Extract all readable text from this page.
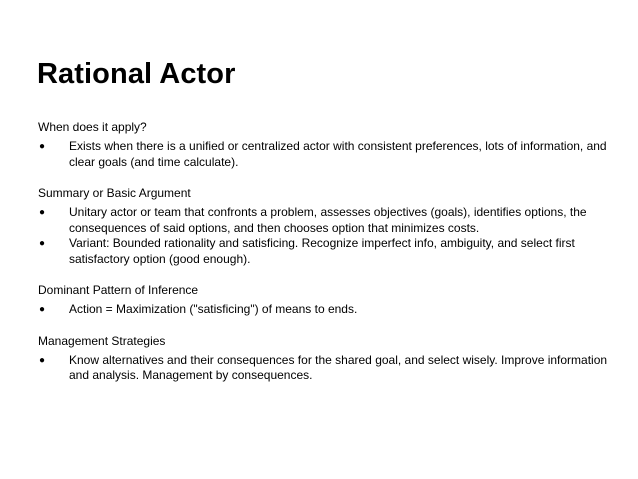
Rational Actor
When does it apply?
● Exists when there is a unified or centralized actor with consistent preferences, lots of information, and clear goals (and time calculate).
Summary or Basic Argument
● Unitary actor or team that confronts a problem, assesses objectives (goals), identifies options, the consequences of said options, and then chooses option that minimizes costs.
● Variant: Bounded rationality and satisficing. Recognize imperfect info, ambiguity, and select first satisfactory option (good enough).
Dominant Pattern of Inference
● Action = Maximization ("satisficing") of means to ends.
Management Strategies
● Know alternatives and their consequences for the shared goal, and select wisely. Improve information and analysis. Management by consequences.
